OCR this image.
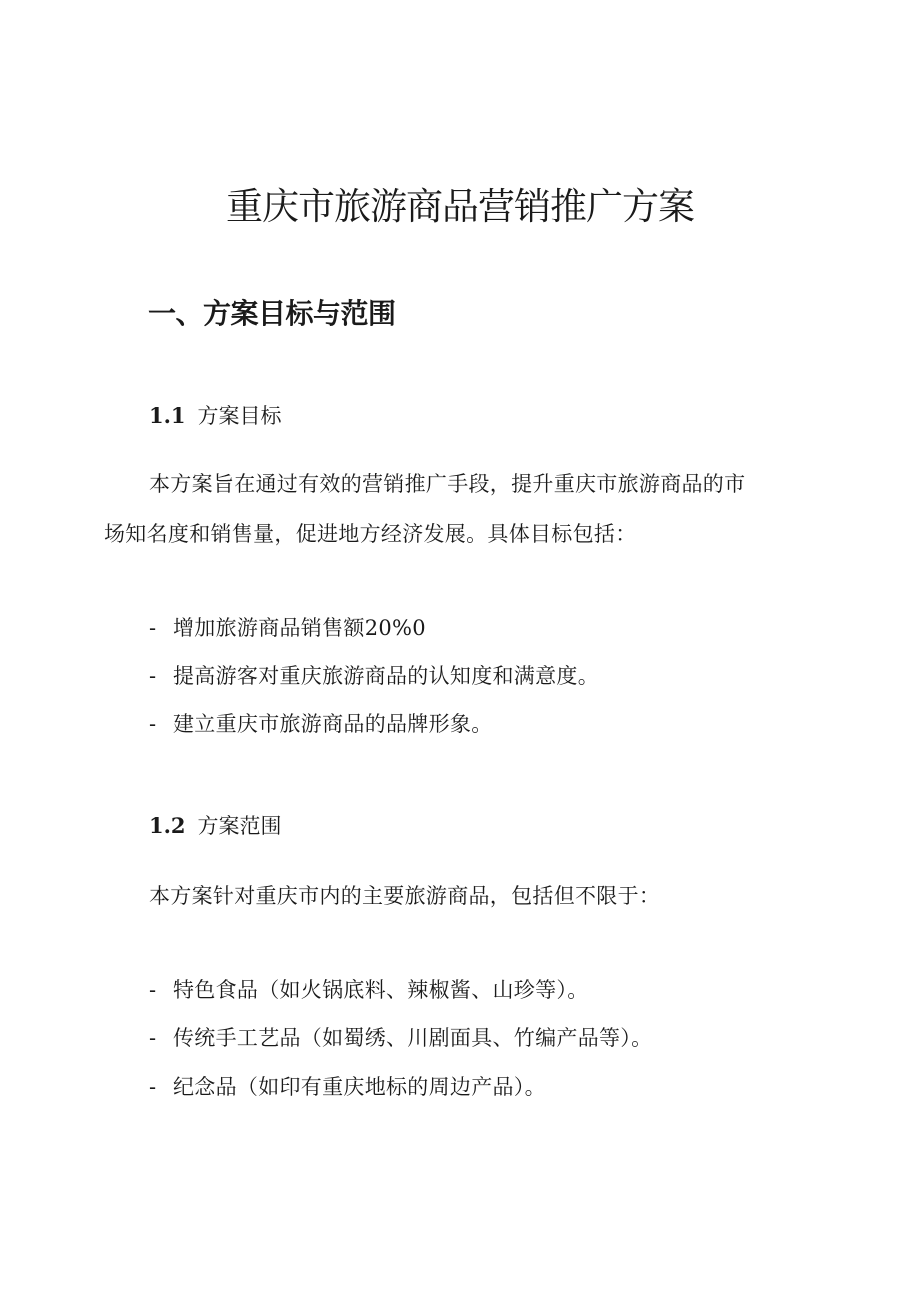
重庆市旅游商品营销推广方案
一、方案目标与范围
1.1 方案目标

本方案旨在通过有效的营销推广手段，提升重庆市旅游商品的市

场知名度和销售量，促进地方经济发展。具体目标包括：

- 增加旅游商品销售额20%0
- 提高游客对重庆旅游商品的认知度和满意度。
- 建立重庆市旅游商品的品牌形象。
1.2 方案范围

本方案针对重庆市内的主要旅游商品，包括但不限于：

- 特色食品（如火锅底料、辣椒酱、山珍等）。
- 传统手工艺品（如蜀绣、川剧面具、竹编产品等）。
- 纪念品（如印有重庆地标的周边产品）。
